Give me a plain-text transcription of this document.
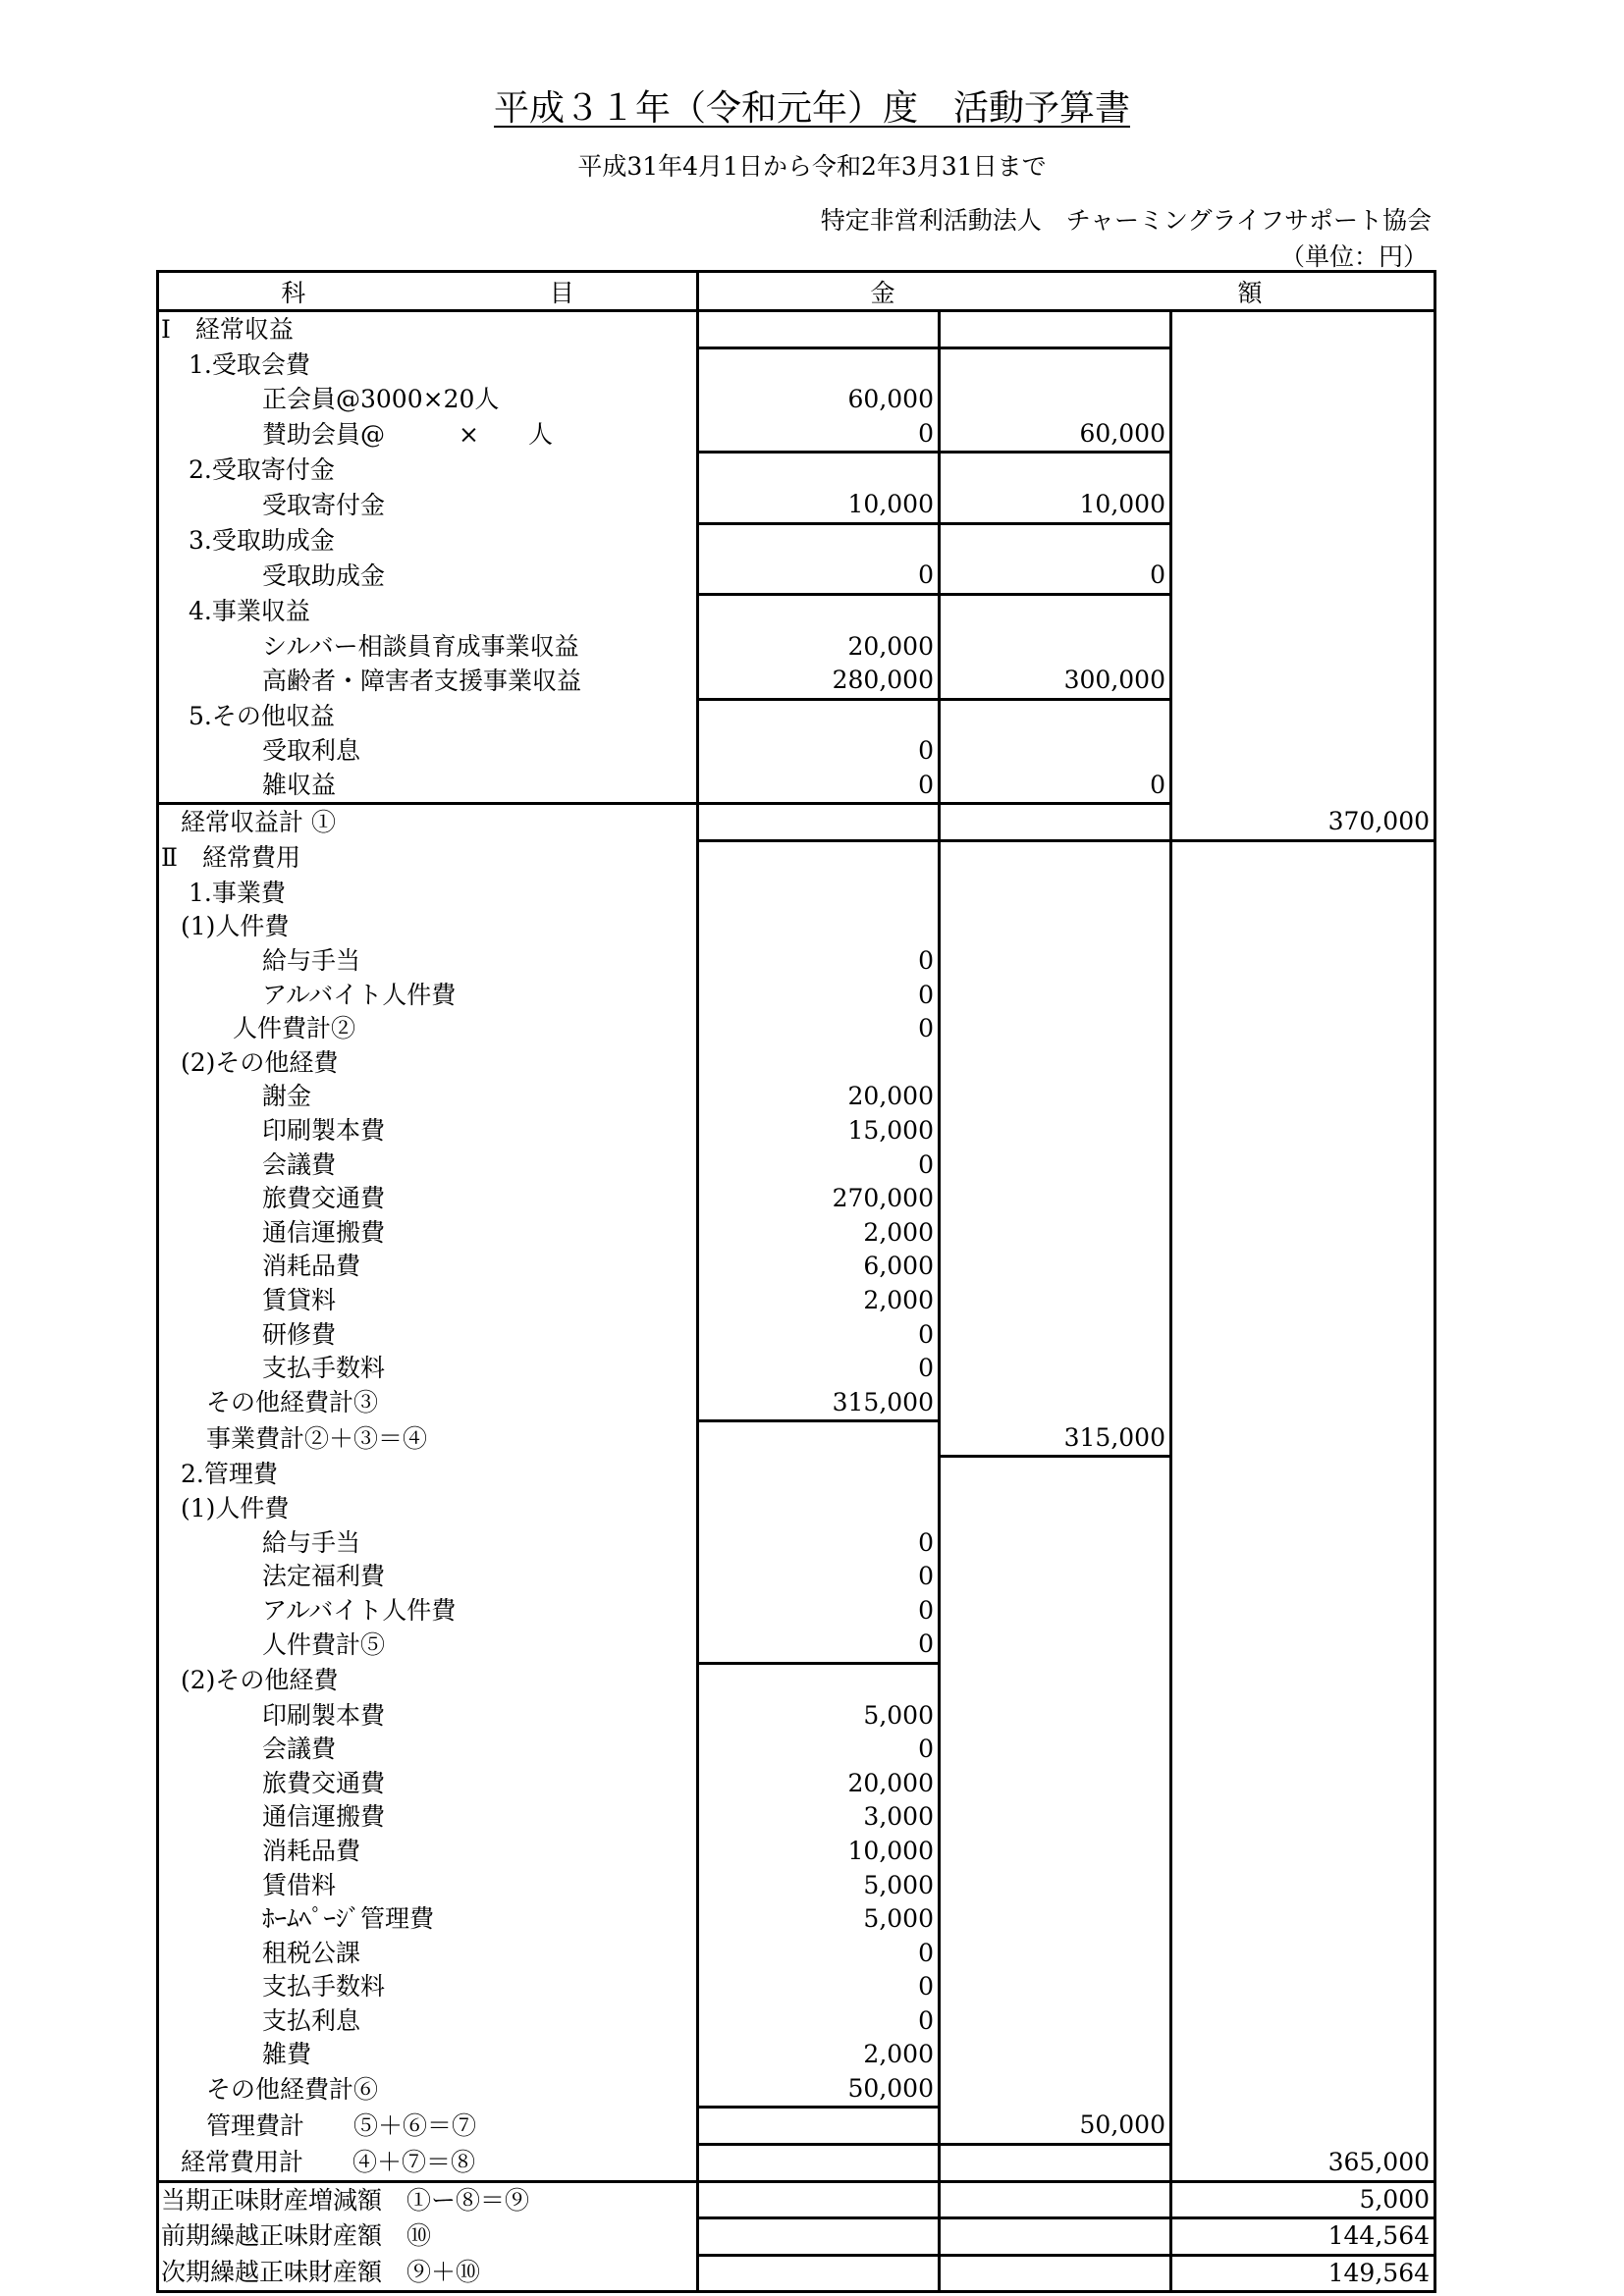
平成３１年（令和元年）度　活動予算書
平成31年4月1日から令和2年3月31日まで
特定非営利活動法人　チャーミングライフサポート協会
（単位：円）
科 目	金 額		
Ⅰ　経常収益			
1.受取会費			
正会員@3000×20人	60,000		
賛助会員@　　　×　　人	0	60,000	
2.受取寄付金			
受取寄付金	10,000	10,000	
3.受取助成金			
受取助成金	0	0	
4.事業収益			
シルバー相談員育成事業収益	20,000		
高齢者・障害者支援事業収益	280,000	300,000	
5.その他収益			
受取利息	0		
雑収益	0	0	
経常収益計 ①			370,000
Ⅱ　経常費用			
1.事業費			
(1)人件費			
給与手当	0		
アルバイト人件費	0		
人件費計②	0		
(2)その他経費			
謝金	20,000		
印刷製本費	15,000		
会議費	0		
旅費交通費	270,000		
通信運搬費	2,000		
消耗品費	6,000		
賃貸料	2,000		
研修費	0		
支払手数料	0		
その他経費計③	315,000		
事業費計②＋③＝④		315,000	
2.管理費			
(1)人件費			
給与手当	0		
法定福利費	0		
アルバイト人件費	0		
人件費計⑤	0		
(2)その他経費			
印刷製本費	5,000		
会議費	0		
旅費交通費	20,000		
通信運搬費	3,000		
消耗品費	10,000		
賃借料	5,000		
ﾎｰﾑﾍﾟｰｼﾞ管理費	5,000		
租税公課	0		
支払手数料	0		
支払利息	0		
雑費	2,000		
その他経費計⑥	50,000		
管理費計　　⑤＋⑥＝⑦		50,000	
経常費用計　　④＋⑦＝⑧			365,000
当期正味財産増減額　①ー⑧＝⑨			5,000
前期繰越正味財産額　⑩			144,564
次期繰越正味財産額　⑨＋⑩			149,564
